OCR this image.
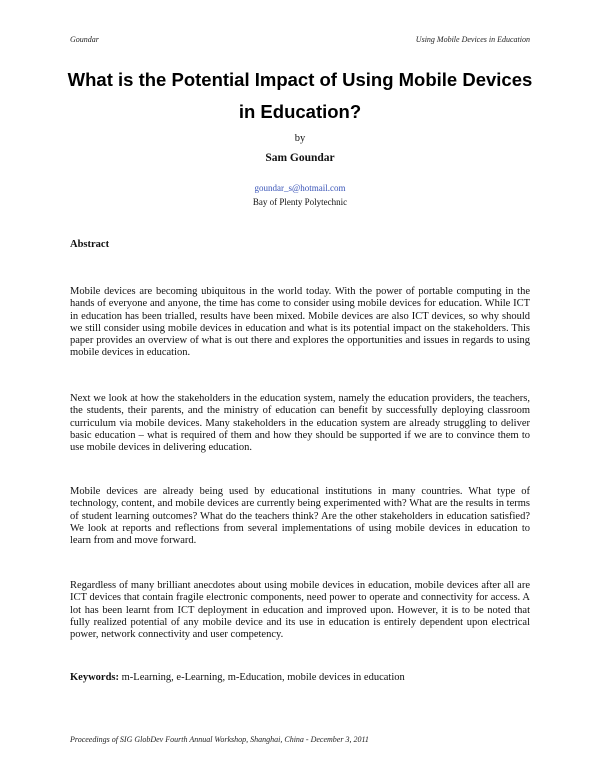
Goundar	Using Mobile Devices in Education
What is the Potential Impact of Using Mobile Devices
in Education?
by
Sam Goundar
goundar_s@hotmail.com
Bay of Plenty Polytechnic
Abstract

Mobile devices are becoming ubiquitous in the world today. With the power of portable computing in the hands of everyone and anyone, the time has come to consider using mobile devices for education. While ICT in education has been trialled, results have been mixed. Mobile devices are also ICT devices, so why should we still consider using mobile devices in education and what is its potential impact on the stakeholders. This paper provides an overview of what is out there and explores the opportunities and issues in regards to using mobile devices in education.

Next we look at how the stakeholders in the education system, namely the education providers, the teachers, the students, their parents, and the ministry of education can benefit by successfully deploying classroom curriculum via mobile devices. Many stakeholders in the education system are already struggling to deliver basic education – what is required of them and how they should be supported if we are to convince them to use mobile devices in delivering education.

Mobile devices are already being used by educational institutions in many countries. What type of technology, content, and mobile devices are currently being experimented with? What are the results in terms of student learning outcomes? What do the teachers think? Are the other stakeholders in education satisfied? We look at reports and reflections from several implementations of using mobile devices in education to learn from and move forward.

Regardless of many brilliant anecdotes about using mobile devices in education, mobile devices after all are ICT devices that contain fragile electronic components, need power to operate and connectivity for access. A lot has been learnt from ICT deployment in education and improved upon. However, it is to be noted that fully realized potential of any mobile device and its use in education is entirely dependent upon electrical power, network connectivity and user competency.

Keywords: m-Learning, e-Learning, m-Education, mobile devices in education

Proceedings of SIG GlobDev Fourth Annual Workshop, Shanghai, China - December 3, 2011
